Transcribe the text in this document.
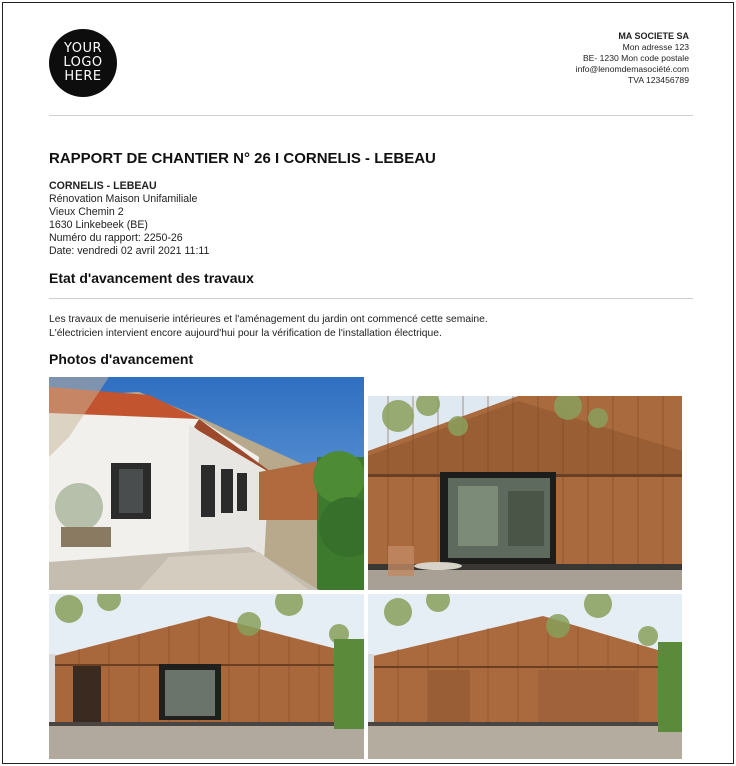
YOUR
LOGO
HERE
MA SOCIETE SA
Mon adresse 123
BE- 1230 Mon code postale
info@lenomdemasociété.com
TVA 123456789
RAPPORT DE CHANTIER N° 26 I CORNELIS - LEBEAU
CORNELIS - LEBEAU
Rénovation Maison Unifamiliale
Vieux Chemin 2
1630 Linkebeek (BE)
Numéro du rapport: 2250-26
Date: vendredi 02 avril 2021 11:11
Etat d'avancement des travaux
Les travaux de menuiserie intérieures et l'aménagement du jardin ont commencé cette semaine.
L'électricien intervient encore aujourd'hui pour la vérification de l'installation électrique.
Photos d'avancement
